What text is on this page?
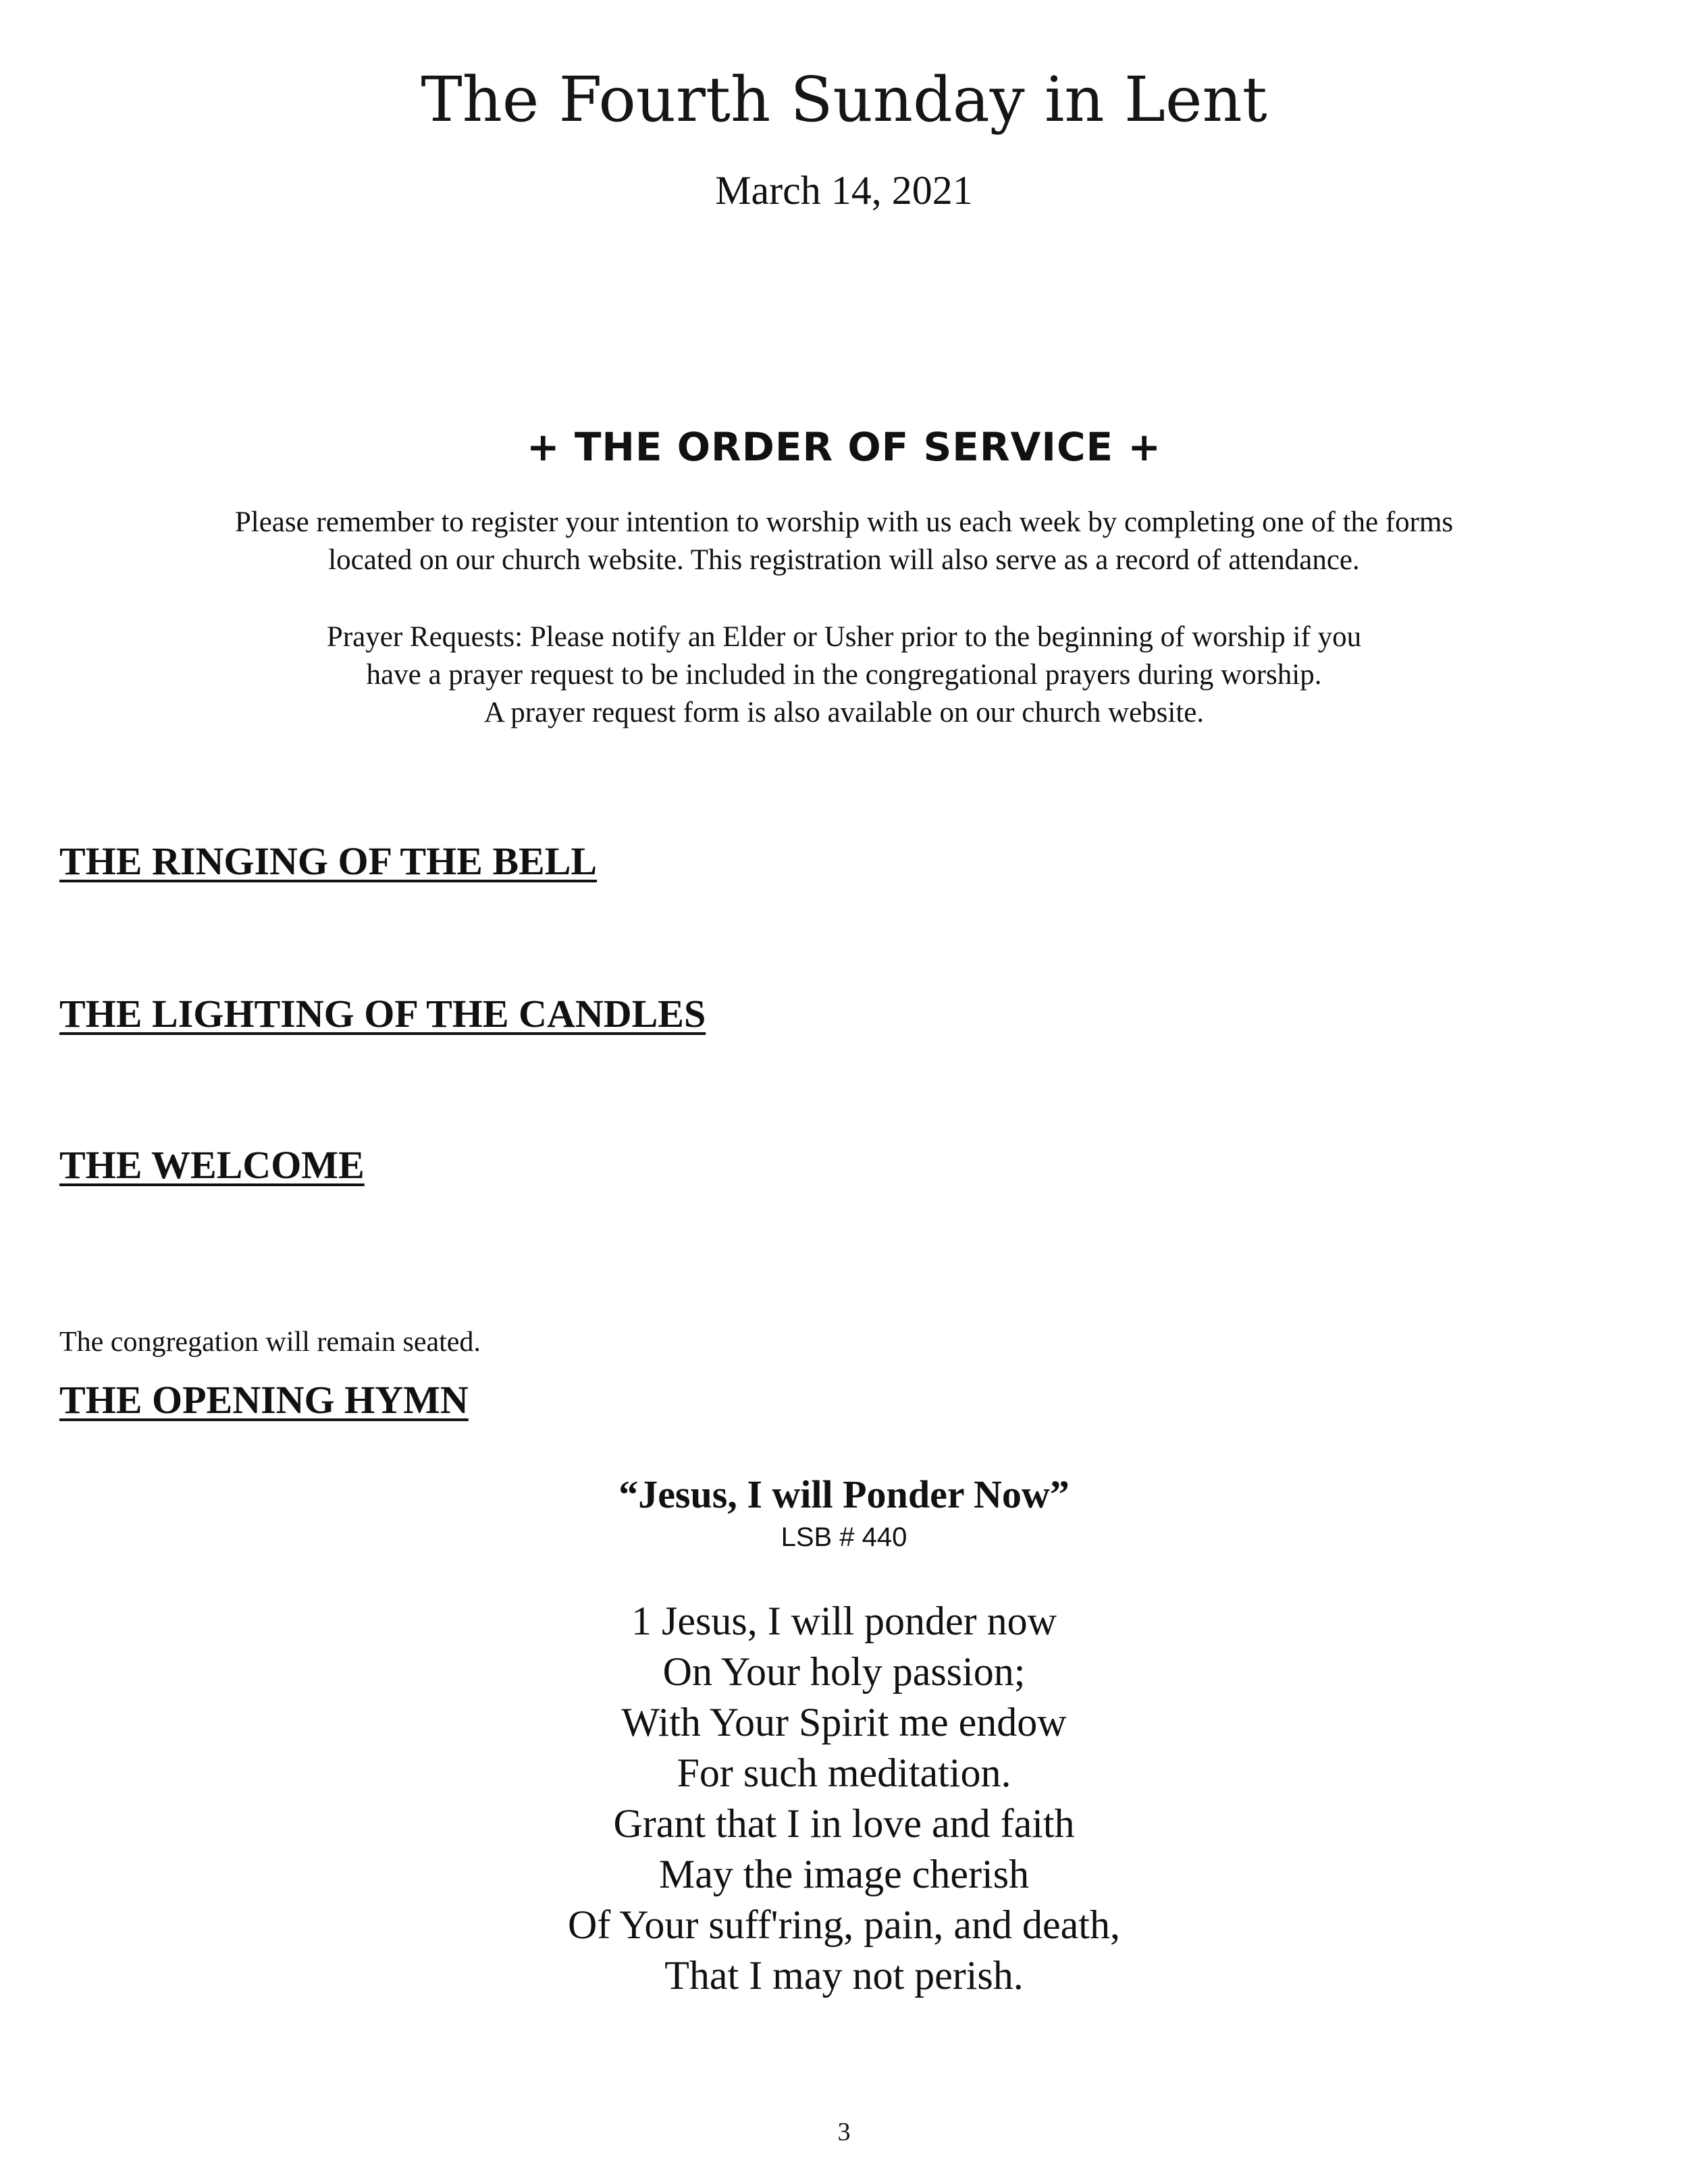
The Fourth Sunday in Lent
March 14, 2021
+ THE ORDER OF SERVICE +
Please remember to register your intention to worship with us each week by completing one of the forms
located on our church website. This registration will also serve as a record of attendance.
Prayer Requests: Please notify an Elder or Usher prior to the beginning of worship if you
have a prayer request to be included in the congregational prayers during worship.
A prayer request form is also available on our church website.
THE RINGING OF THE BELL
THE LIGHTING OF THE CANDLES
THE WELCOME
The congregation will remain seated.
THE OPENING HYMN
“Jesus, I will Ponder Now”
LSB # 440
1 Jesus, I will ponder now
On Your holy passion;
With Your Spirit me endow
For such meditation.
Grant that I in love and faith
May the image cherish
Of Your suff'ring, pain, and death,
That I may not perish.
3
